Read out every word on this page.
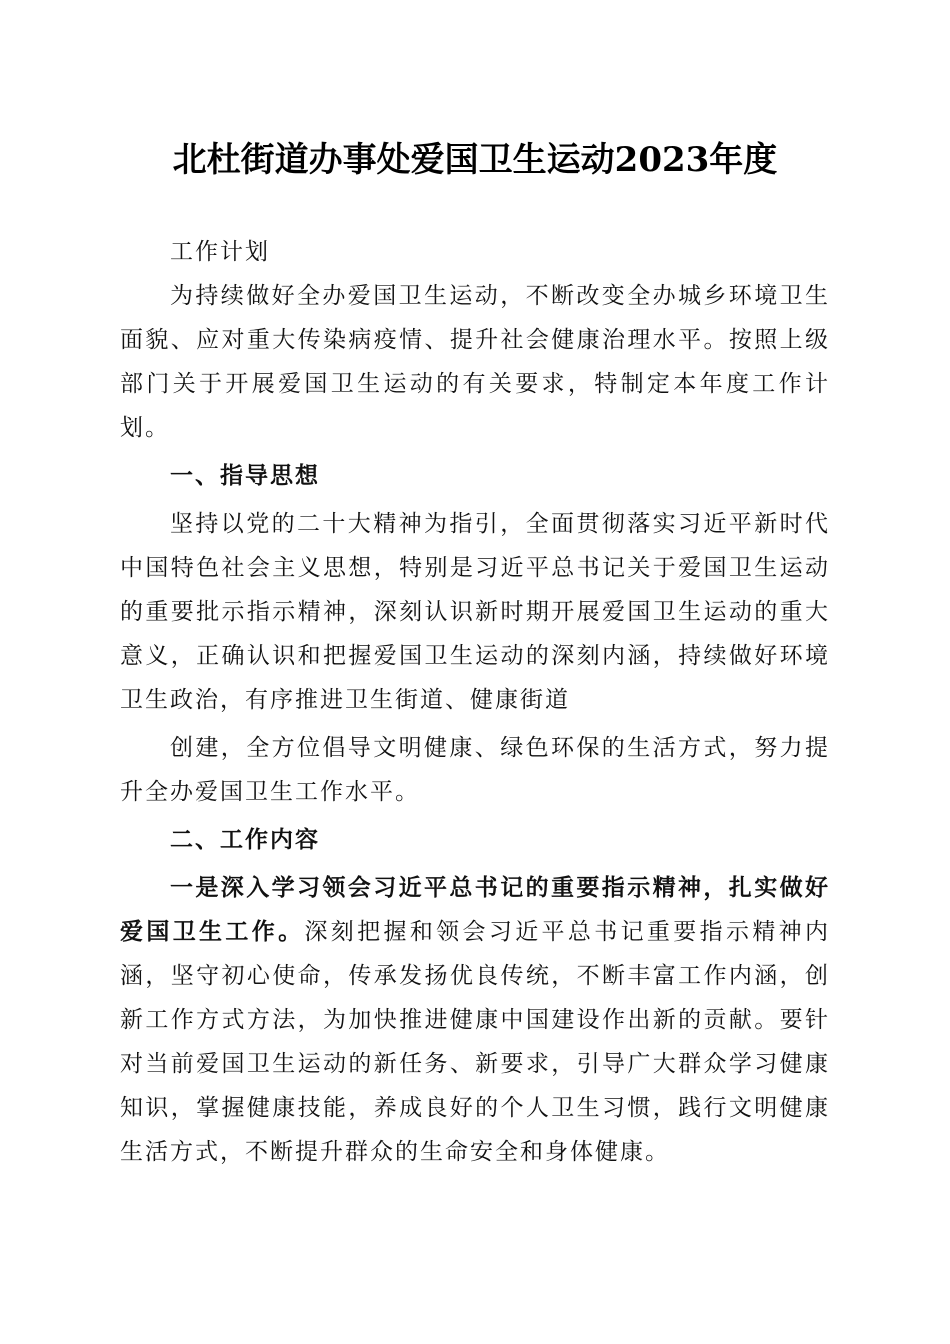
北杜街道办事处爱国卫生运动2023年度

工作计划

为持续做好全办爱国卫生运动，不断改变全办城乡环境卫生面貌、应对重大传染病疫情、提升社会健康治理水平。按照上级部门关于开展爱国卫生运动的有关要求，特制定本年度工作计划。

一、指导思想

坚持以党的二十大精神为指引，全面贯彻落实习近平新时代中国特色社会主义思想，特别是习近平总书记关于爱国卫生运动的重要批示指示精神，深刻认识新时期开展爱国卫生运动的重大意义，正确认识和把握爱国卫生运动的深刻内涵，持续做好环境卫生政治，有序推进卫生街道、健康街道

创建，全方位倡导文明健康、绿色环保的生活方式，努力提升全办爱国卫生工作水平。

二、工作内容

一是深入学习领会习近平总书记的重要指示精神，扎实做好爱国卫生工作。深刻把握和领会习近平总书记重要指示精神内涵，坚守初心使命，传承发扬优良传统，不断丰富工作内涵，创新工作方式方法，为加快推进健康中国建设作出新的贡献。要针对当前爱国卫生运动的新任务、新要求，引导广大群众学习健康知识，掌握健康技能，养成良好的个人卫生习惯，践行文明健康生活方式，不断提升群众的生命安全和身体健康。
